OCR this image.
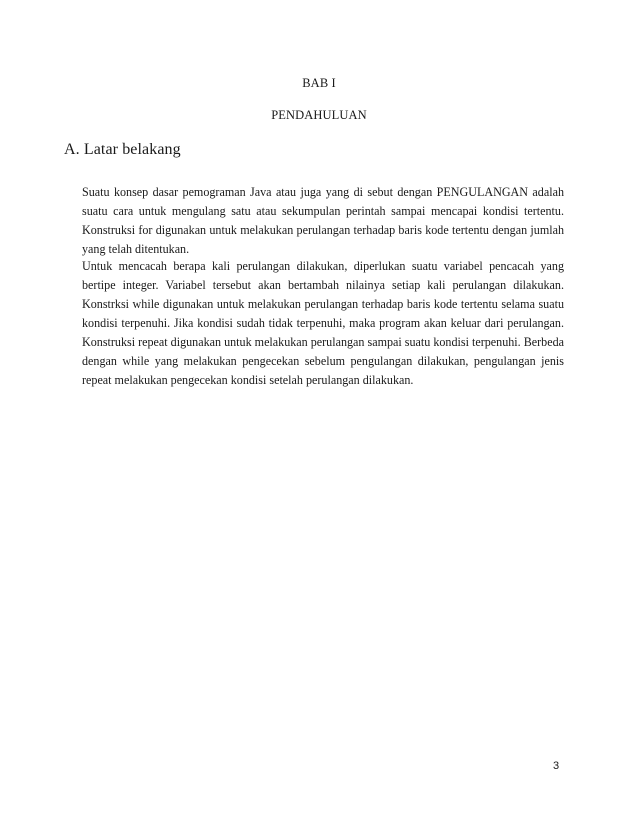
BAB I
PENDAHULUAN
A. Latar belakang

Suatu konsep dasar pemograman Java atau juga yang di sebut dengan PENGULANGAN adalah suatu cara untuk mengulang satu atau sekumpulan perintah sampai mencapai kondisi tertentu. Konstruksi for digunakan untuk melakukan perulangan terhadap baris kode tertentu dengan jumlah yang telah ditentukan.

Untuk mencacah berapa kali perulangan dilakukan, diperlukan suatu variabel pencacah yang bertipe integer. Variabel tersebut akan bertambah nilainya setiap kali perulangan dilakukan. Konstrksi while digunakan untuk melakukan perulangan terhadap baris kode tertentu selama suatu kondisi terpenuhi. Jika kondisi sudah tidak terpenuhi, maka program akan keluar dari perulangan. Konstruksi repeat digunakan untuk melakukan perulangan sampai suatu kondisi terpenuhi. Berbeda dengan while yang melakukan pengecekan sebelum pengulangan dilakukan, pengulangan jenis repeat melakukan pengecekan kondisi setelah perulangan dilakukan.

3
